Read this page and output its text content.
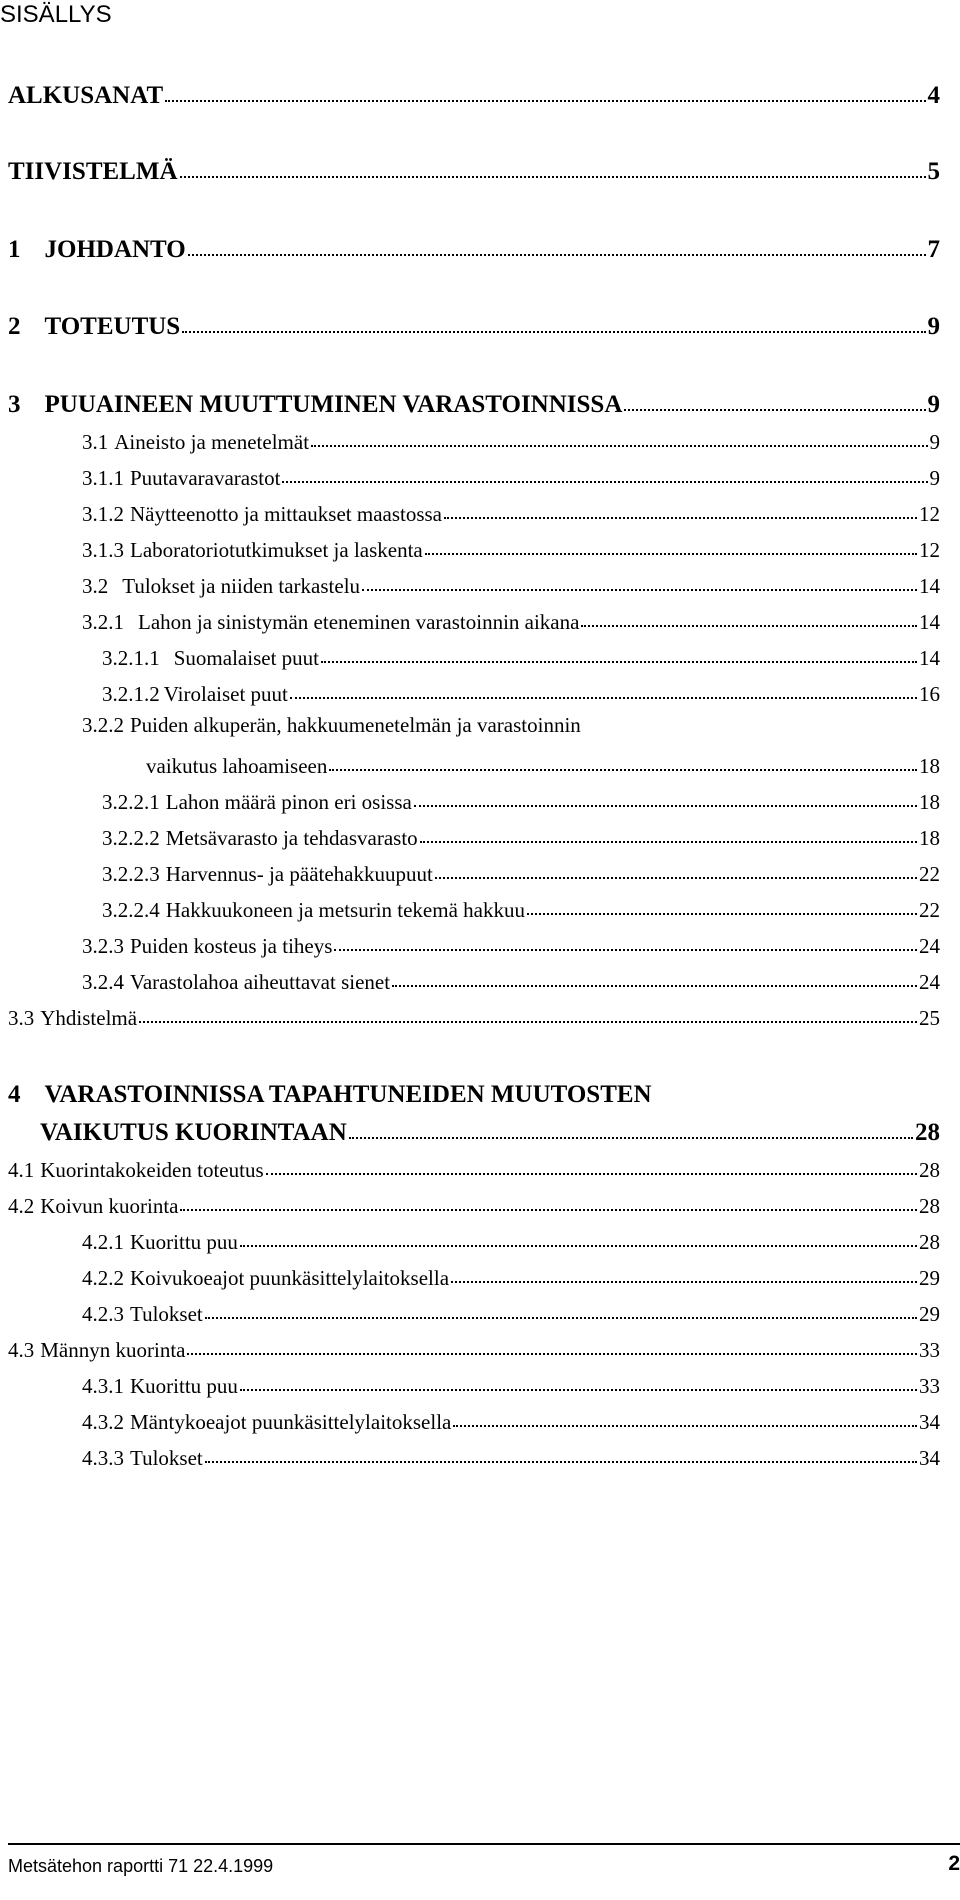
SISÄLLYS
ALKUSANAT	4
TIIVISTELMÄ	5
1 JOHDANTO	7
2 TOTEUTUS	9
3 PUUAINEEN MUUTTUMINEN VARASTOINNISSA	9
3.1 Aineisto ja menetelmät	9
3.1.1 Puutavaravarastot	9
3.1.2 Näytteenotto ja mittaukset maastossa	12
3.1.3 Laboratoriotutkimukset ja laskenta	12
3.2 Tulokset ja niiden tarkastelu	14
3.2.1 Lahon ja sinistymän eteneminen varastoinnin aikana	14
3.2.1.1 Suomalaiset puut	14
3.2.1.2 Virolaiset puut	16
3.2.2 Puiden alkuperän, hakkuumenetelmän ja varastoinnin
vaikutus lahoamiseen	18
3.2.2.1 Lahon määrä pinon eri osissa	18
3.2.2.2 Metsävarasto ja tehdasvarasto	18
3.2.2.3 Harvennus- ja päätehakkuupuut	22
3.2.2.4 Hakkuukoneen ja metsurin tekemä hakkuu	22
3.2.3 Puiden kosteus ja tiheys	24
3.2.4 Varastolahoa aiheuttavat sienet	24
3.3 Yhdistelmä	25
4 VARASTOINNISSA TAPAHTUNEIDEN MUUTOSTEN
VAIKUTUS KUORINTAAN	28
4.1 Kuorintakokeiden toteutus	28
4.2 Koivun kuorinta	28
4.2.1 Kuorittu puu	28
4.2.2 Koivukoeajot puunkäsittelylaitoksella	29
4.2.3 Tulokset	29
4.3 Männyn kuorinta	33
4.3.1 Kuorittu puu	33
4.3.2 Mäntykoeajot puunkäsittelylaitoksella	34
4.3.3 Tulokset	34
Metsätehon raportti 71 22.4.1999	2
